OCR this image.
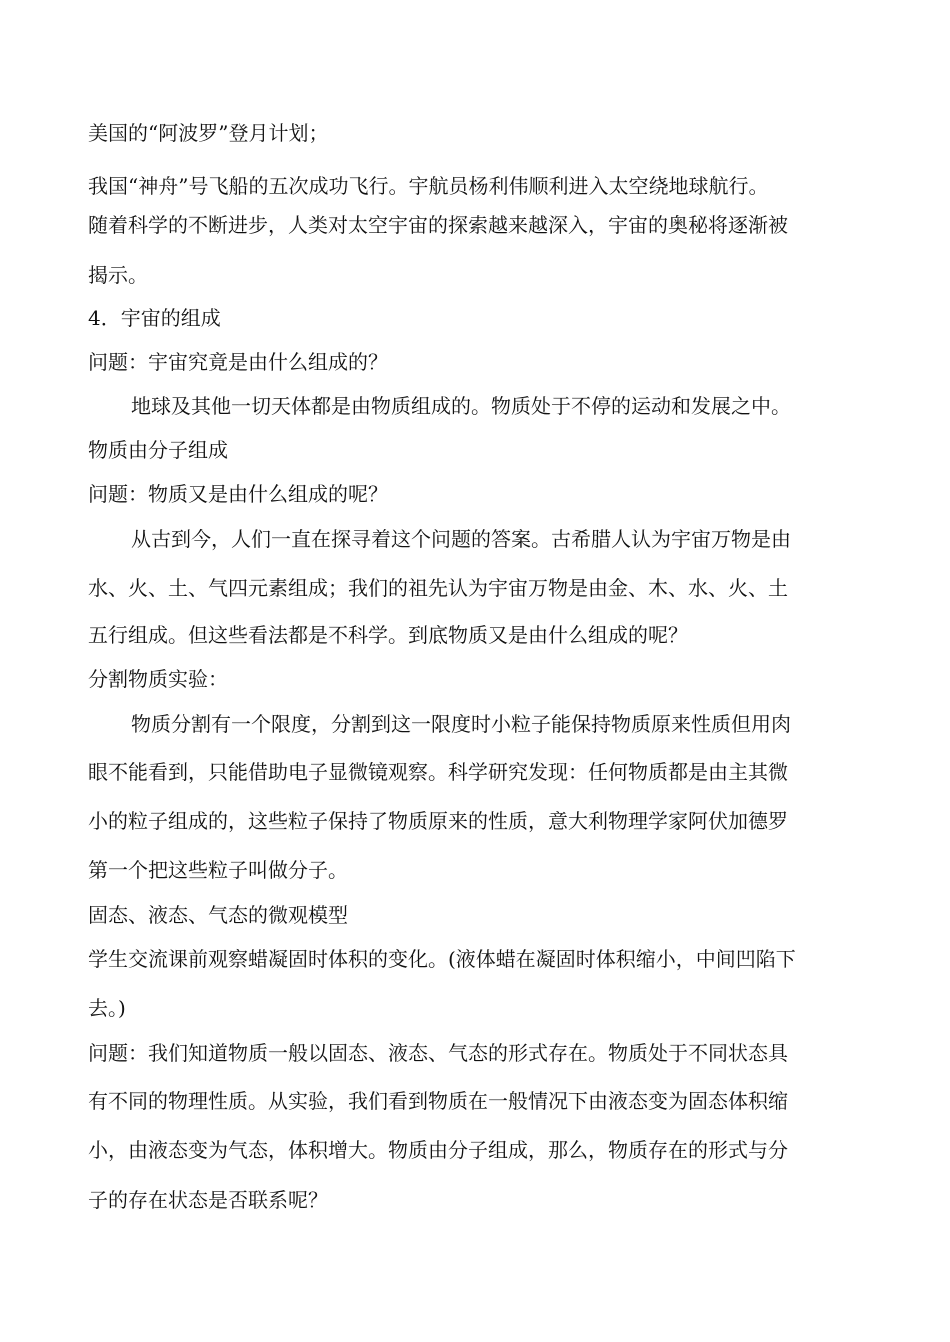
美国的“阿波罗”登月计划；
我国“神舟”号飞船的五次成功飞行。宇航员杨利伟顺利进入太空绕地球航行。
随着科学的不断进步，人类对太空宇宙的探索越来越深入，宇宙的奥秘将逐渐被
揭示。
4．宇宙的组成
问题：宇宙究竟是由什么组成的？
地球及其他一切天体都是由物质组成的。物质处于不停的运动和发展之中。
物质由分子组成
问题：物质又是由什么组成的呢？
从古到今，人们一直在探寻着这个问题的答案。古希腊人认为宇宙万物是由
水、火、土、气四元素组成；我们的祖先认为宇宙万物是由金、木、水、火、土
五行组成。但这些看法都是不科学。到底物质又是由什么组成的呢？
分割物质实验：
物质分割有一个限度，分割到这一限度时小粒子能保持物质原来性质但用肉
眼不能看到，只能借助电子显微镜观察。科学研究发现：任何物质都是由主其微
小的粒子组成的，这些粒子保持了物质原来的性质，意大利物理学家阿伏加德罗
第一个把这些粒子叫做分子。
固态、液态、气态的微观模型
学生交流课前观察蜡凝固时体积的变化。(液体蜡在凝固时体积缩小，中间凹陷下
去。)
问题：我们知道物质一般以固态、液态、气态的形式存在。物质处于不同状态具
有不同的物理性质。从实验，我们看到物质在一般情况下由液态变为固态体积缩
小，由液态变为气态，体积增大。物质由分子组成，那么，物质存在的形式与分
子的存在状态是否联系呢？
